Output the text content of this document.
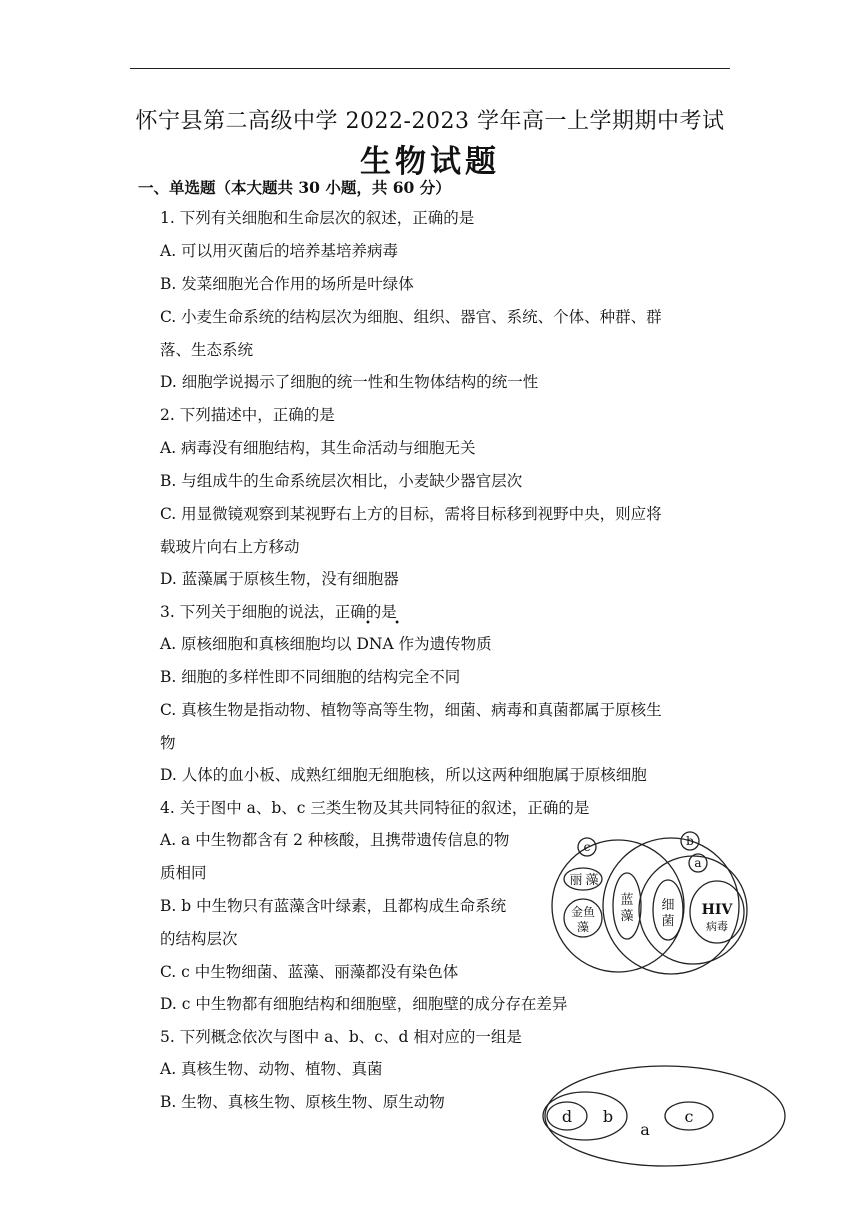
怀宁县第二高级中学 2022-2023 学年高一上学期期中考试
生物试题
一、单选题（本大题共 30 小题，共 60 分）
1. 下列有关细胞和生命层次的叙述，正确的是
A. 可以用灭菌后的培养基培养病毒
B. 发菜细胞光合作用的场所是叶绿体
C. 小麦生命系统的结构层次为细胞、组织、器官、系统、个体、种群、群
落、生态系统
D. 细胞学说揭示了细胞的统一性和生物体结构的统一性
2. 下列描述中，正确的是
A. 病毒没有细胞结构，其生命活动与细胞无关
B. 与组成牛的生命系统层次相比，小麦缺少器官层次
C. 用显微镜观察到某视野右上方的目标，需将目标移到视野中央，则应将
载玻片向右上方移动
D. 蓝藻属于原核生物，没有细胞器
3. 下列关于细胞的说法，正确的是
• •
A. 原核细胞和真核细胞均以 DNA 作为遗传物质
B. 细胞的多样性即不同细胞的结构完全不同
C. 真核生物是指动物、植物等高等生物，细菌、病毒和真菌都属于原核生
物
D. 人体的血小板、成熟红细胞无细胞核，所以这两种细胞属于原核细胞
4. 关于图中 a、b、c 三类生物及其共同特征的叙述，正确的是
A. a 中生物都含有 2 种核酸，且携带遗传信息的物
质相同
B. b 中生物只有蓝藻含叶绿素，且都构成生命系统
的结构层次
C. c 中生物细菌、蓝藻、丽藻都没有染色体
D. c 中生物都有细胞结构和细胞壁，细胞壁的成分存在差异
5. 下列概念依次与图中 a、b、c、d 相对应的一组是
A. 真核生物、动物、植物、真菌
B. 生物、真核生物、原核生物、原生动物
c	b
a
丽 藻
金鱼
藻
蓝
藻
细
菌
HIV
病毒
d b
a
c
